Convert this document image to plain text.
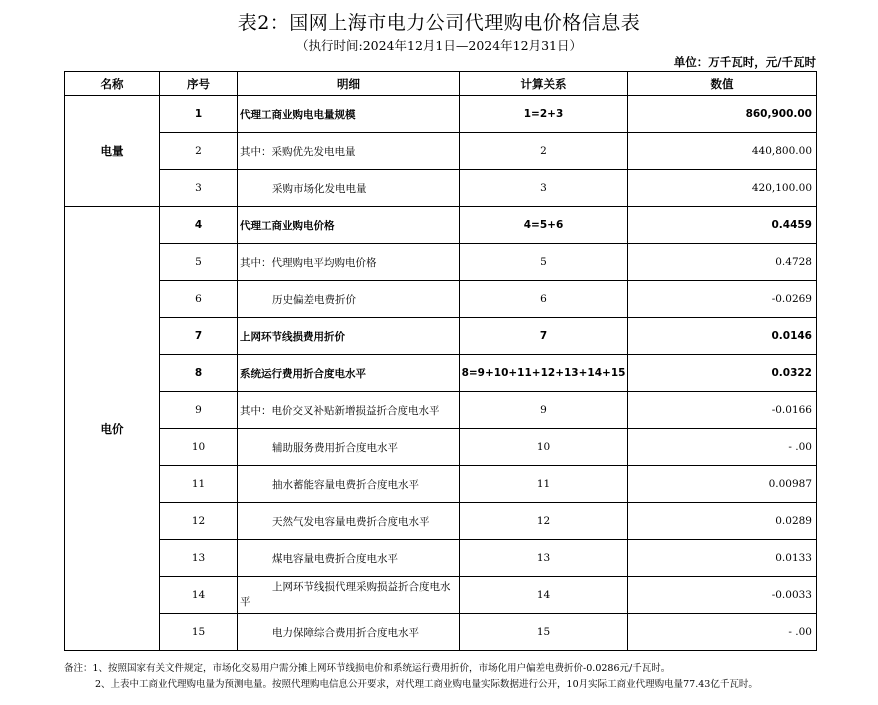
表2：国网上海市电力公司代理购电价格信息表
（执行时间:2024年12月1日—2024年12月31日）
单位：万千瓦时，元/千瓦时
名称	序号	明细	计算关系	数值
电量	1	代理工商业购电电量规模	1=2+3	860,900.00
	2	其中：采购优先发电电量	2	440,800.00
	3	采购市场化发电电量	3	420,100.00
电价	4	代理工商业购电价格	4=5+6	0.4459
	5	其中：代理购电平均购电价格	5	0.4728
	6	历史偏差电费折价	6	-0.0269
	7	上网环节线损费用折价	7	0.0146
	8	系统运行费用折合度电水平	8=9+10+11+12+13+14+15	0.0322
	9	其中：电价交叉补贴新增损益折合度电水平	9	-0.0166
	10	辅助服务费用折合度电水平	10	- .00
	11	抽水蓄能容量电费折合度电水平	11	0.00987
	12	天然气发电容量电费折合度电水平	12	0.0289
	13	煤电容量电费折合度电水平	13	0.0133
	14	上网环节线损代理采购损益折合度电水平	14	-0.0033
	15	电力保障综合费用折合度电水平	15	- .00
备注：1、按照国家有关文件规定，市场化交易用户需分摊上网环节线损电价和系统运行费用折价，市场化用户偏差电费折价-0.0286元/千瓦时。
2、上表中工商业代理购电量为预测电量。按照代理购电信息公开要求，对代理工商业购电量实际数据进行公开，10月实际工商业代理购电量77.43亿千瓦时。
